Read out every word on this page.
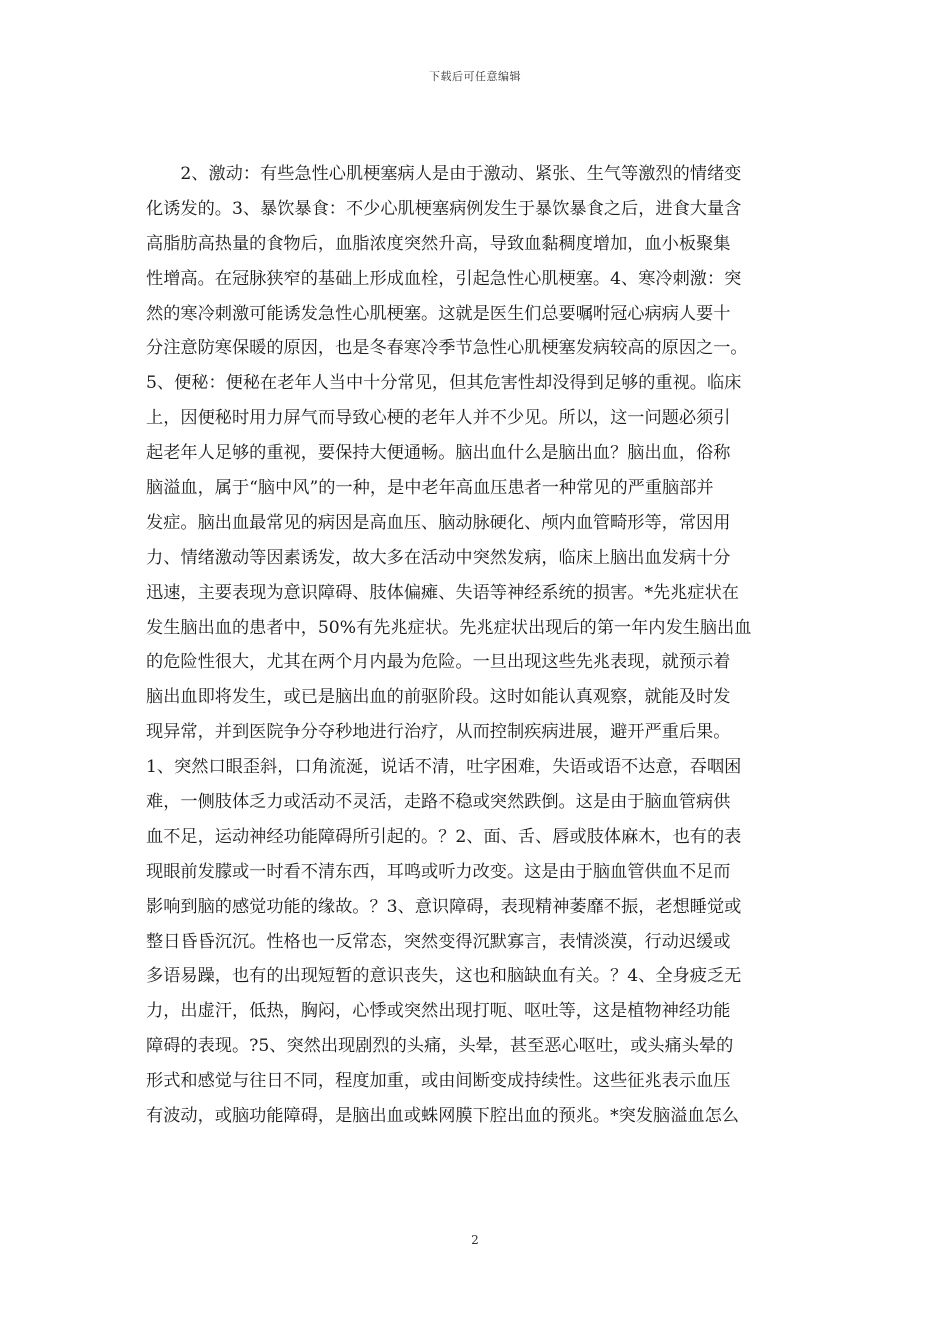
下载后可任意编辑
　　2、激动：有些急性心肌梗塞病人是由于激动、紧张、生气等激烈的情绪变
化诱发的。3、暴饮暴食：不少心肌梗塞病例发生于暴饮暴食之后，进食大量含
高脂肪高热量的食物后，血脂浓度突然升高，导致血黏稠度增加，血小板聚集
性增高。在冠脉狭窄的基础上形成血栓，引起急性心肌梗塞。4、寒冷刺激：突
然的寒冷刺激可能诱发急性心肌梗塞。这就是医生们总要嘱咐冠心病病人要十
分注意防寒保暖的原因，也是冬春寒冷季节急性心肌梗塞发病较高的原因之一。
5、便秘：便秘在老年人当中十分常见，但其危害性却没得到足够的重视。临床
上，因便秘时用力屏气而导致心梗的老年人并不少见。所以，这一问题必须引
起老年人足够的重视，要保持大便通畅。脑出血什么是脑出血？脑出血，俗称
脑溢血，属于“脑中风”的一种，是中老年高血压患者一种常见的严重脑部并
发症。脑出血最常见的病因是高血压、脑动脉硬化、颅内血管畸形等，常因用
力、情绪激动等因素诱发，故大多在活动中突然发病，临床上脑出血发病十分
迅速，主要表现为意识障碍、肢体偏瘫、失语等神经系统的损害。*先兆症状在
发生脑出血的患者中，50%有先兆症状。先兆症状出现后的第一年内发生脑出血
的危险性很大，尤其在两个月内最为危险。一旦出现这些先兆表现，就预示着
脑出血即将发生，或已是脑出血的前驱阶段。这时如能认真观察，就能及时发
现异常，并到医院争分夺秒地进行治疗，从而控制疾病进展，避开严重后果。
1、突然口眼歪斜，口角流涎，说话不清，吐字困难，失语或语不达意，吞咽困
难，一侧肢体乏力或活动不灵活，走路不稳或突然跌倒。这是由于脑血管病供
血不足，运动神经功能障碍所引起的。？2、面、舌、唇或肢体麻木，也有的表
现眼前发朦或一时看不清东西，耳鸣或听力改变。这是由于脑血管供血不足而
影响到脑的感觉功能的缘故。？3、意识障碍，表现精神萎靡不振，老想睡觉或
整日昏昏沉沉。性格也一反常态，突然变得沉默寡言，表情淡漠，行动迟缓或
多语易躁，也有的出现短暂的意识丧失，这也和脑缺血有关。？4、全身疲乏无
力，出虚汗，低热，胸闷，心悸或突然出现打呃、呕吐等，这是植物神经功能
障碍的表现。?5、突然出现剧烈的头痛，头晕，甚至恶心呕吐，或头痛头晕的
形式和感觉与往日不同，程度加重，或由间断变成持续性。这些征兆表示血压
有波动，或脑功能障碍，是脑出血或蛛网膜下腔出血的预兆。*突发脑溢血怎么
2
